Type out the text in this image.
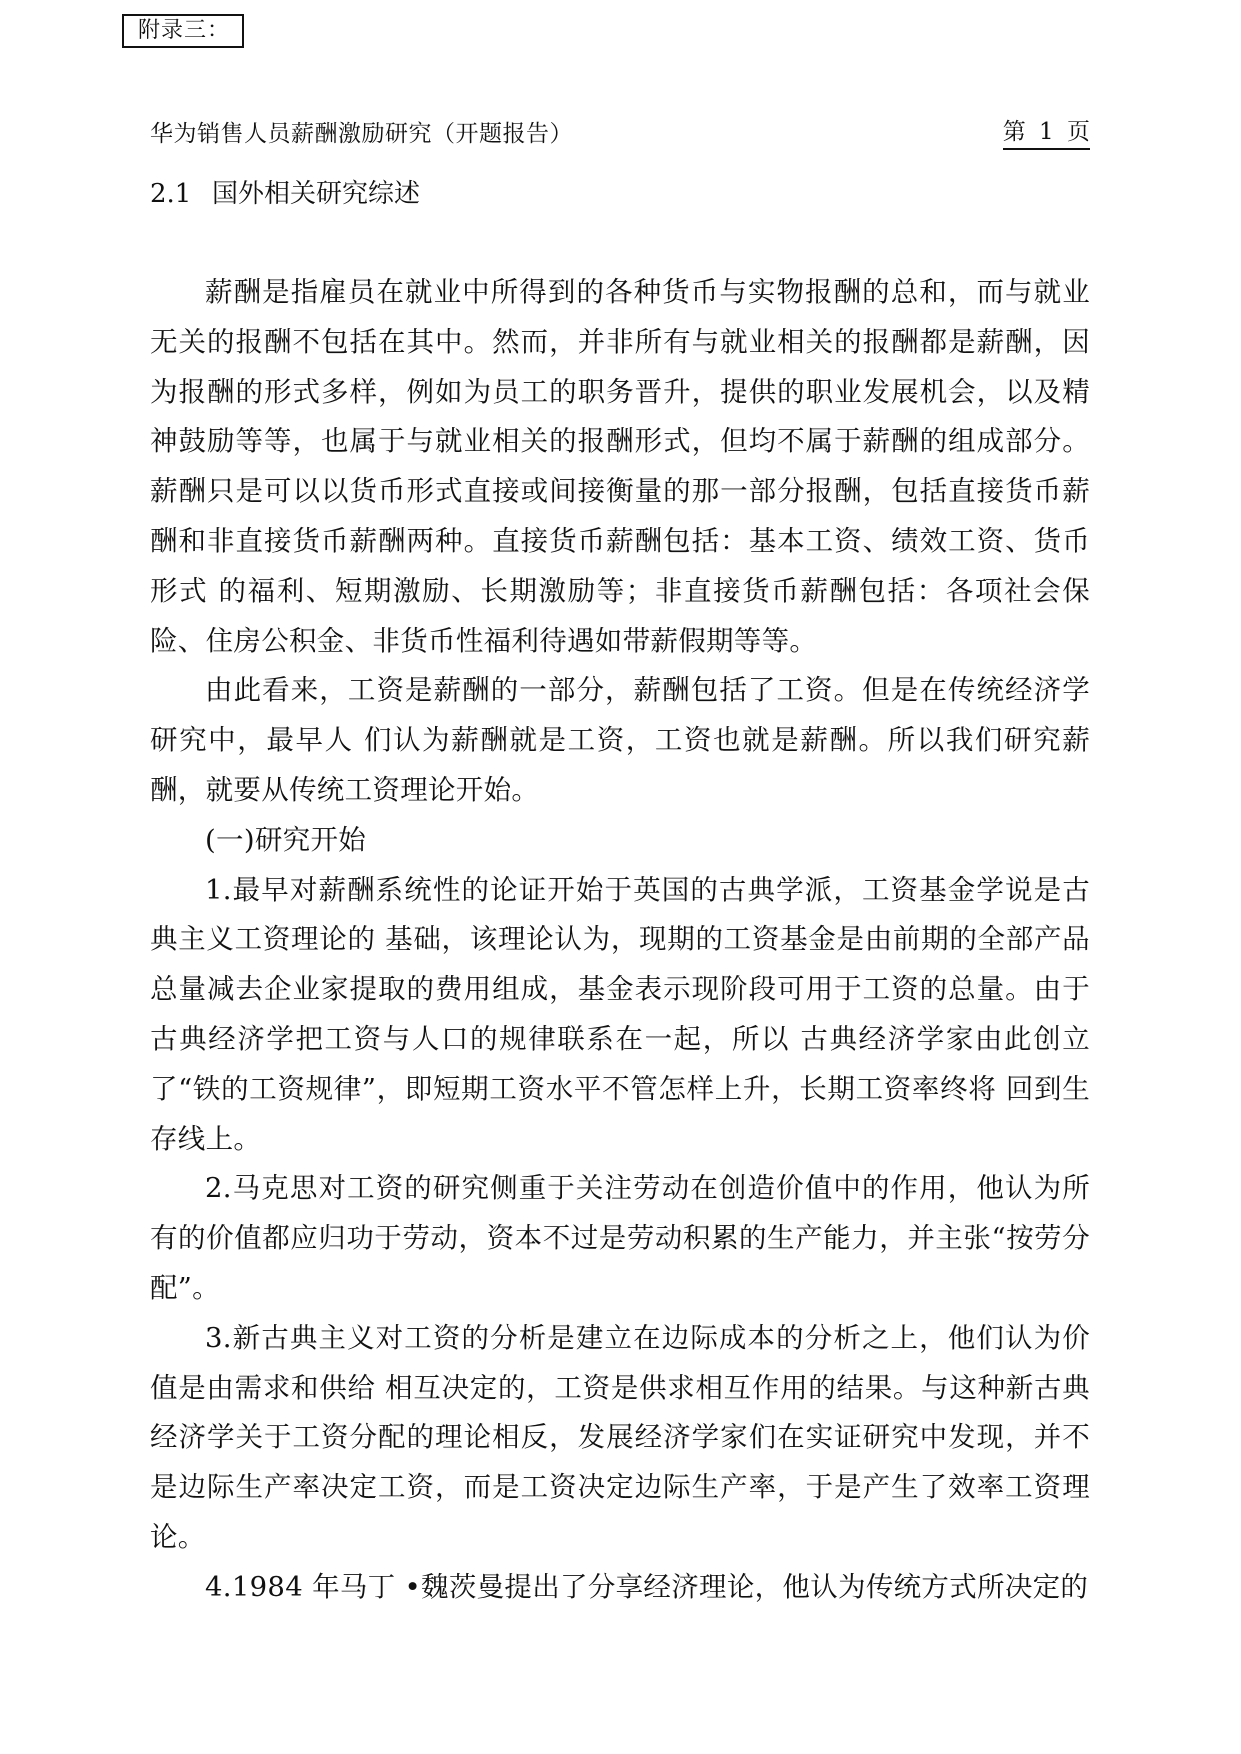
附录三：
华为销售人员薪酬激励研究（开题报告）	第 1 页
2.1 国外相关研究综述

薪酬是指雇员在就业中所得到的各种货币与实物报酬的总和，而与就业无关的报酬不包括在其中。然而，并非所有与就业相关的报酬都是薪酬，因为报酬的形式多样，例如为员工的职务晋升，提供的职业发展机会，以及精神鼓励等等，也属于与就业相关的报酬形式，但均不属于薪酬的组成部分。薪酬只是可以以货币形式直接或间接衡量的那一部分报酬，包括直接货币薪酬和非直接货币薪酬两种。直接货币薪酬包括：基本工资、绩效工资、货币形式 的福利、短期激励、长期激励等；非直接货币薪酬包括：各项社会保险、住房公积金、非货币性福利待遇如带薪假期等等。

由此看来，工资是薪酬的一部分，薪酬包括了工资。但是在传统经济学研究中，最早人 们认为薪酬就是工资，工资也就是薪酬。所以我们研究薪酬，就要从传统工资理论开始。

(一)研究开始

1.最早对薪酬系统性的论证开始于英国的古典学派，工资基金学说是古典主义工资理论的 基础，该理论认为，现期的工资基金是由前期的全部产品总量减去企业家提取的费用组成，基金表示现阶段可用于工资的总量。由于古典经济学把工资与人口的规律联系在一起，所以 古典经济学家由此创立了“铁的工资规律”，即短期工资水平不管怎样上升，长期工资率终将 回到生存线上。

2.马克思对工资的研究侧重于关注劳动在创造价值中的作用，他认为所有的价值都应归功于劳动，资本不过是劳动积累的生产能力，并主张“按劳分配”。

3.新古典主义对工资的分析是建立在边际成本的分析之上，他们认为价值是由需求和供给 相互决定的，工资是供求相互作用的结果。与这种新古典经济学关于工资分配的理论相反，发展经济学家们在实证研究中发现，并不是边际生产率决定工资，而是工资决定边际生产率，于是产生了效率工资理论。

4.1984 年马丁 •魏茨曼提出了分享经济理论，他认为传统方式所决定的
